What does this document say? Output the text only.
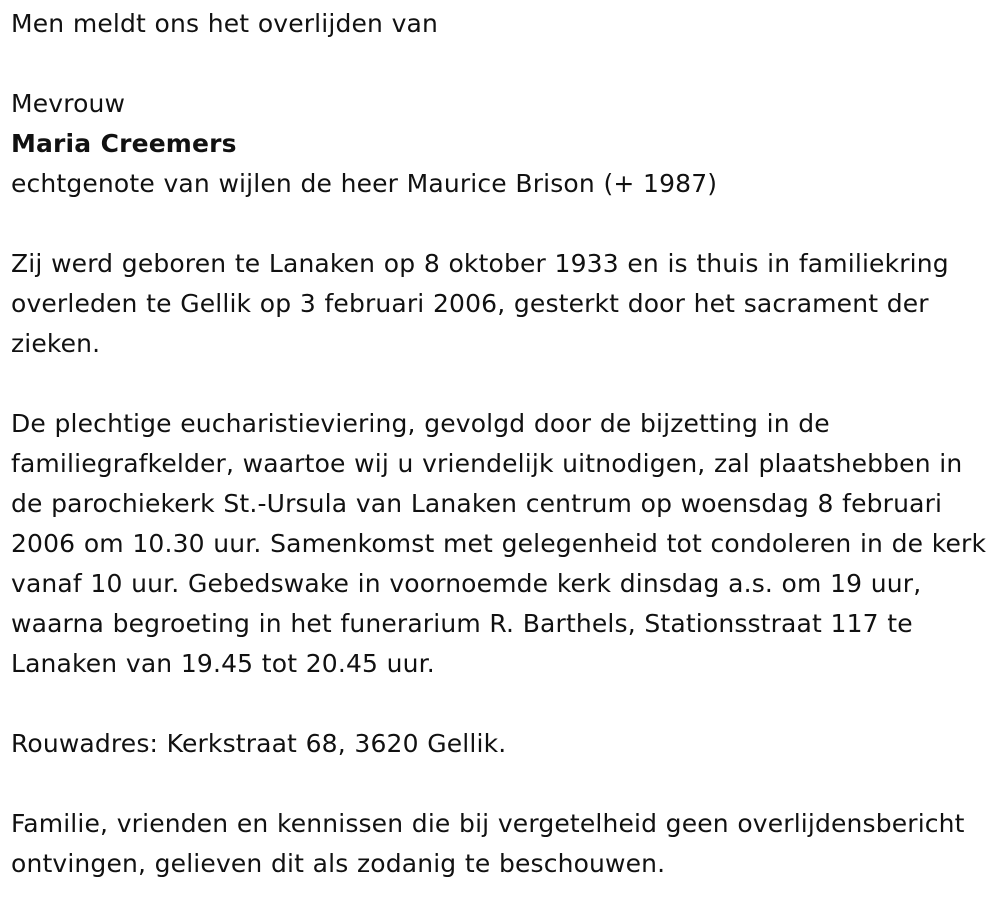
Men meldt ons het overlijden van

Mevrouw

Maria Creemers

echtgenote van wijlen de heer Maurice Brison (+ 1987)

Zij werd geboren te Lanaken op 8 oktober 1933 en is thuis in familiekring overleden te Gellik op 3 februari 2006, gesterkt door het sacrament der zieken.

De plechtige eucharistieviering, gevolgd door de bijzetting in de familiegrafkelder, waartoe wij u vriendelijk uitnodigen, zal plaatshebben in de parochiekerk St.-Ursula van Lanaken centrum op woensdag 8 februari 2006 om 10.30 uur. Samenkomst met gelegenheid tot condoleren in de kerk vanaf 10 uur. Gebedswake in voornoemde kerk dinsdag a.s. om 19 uur, waarna begroeting in het funerarium R. Barthels, Stationsstraat 117 te Lanaken van 19.45 tot 20.45 uur.

Rouwadres: Kerkstraat 68, 3620 Gellik.

Familie, vrienden en kennissen die bij vergetelheid geen overlijdensbericht ontvingen, gelieven dit als zodanig te beschouwen.
